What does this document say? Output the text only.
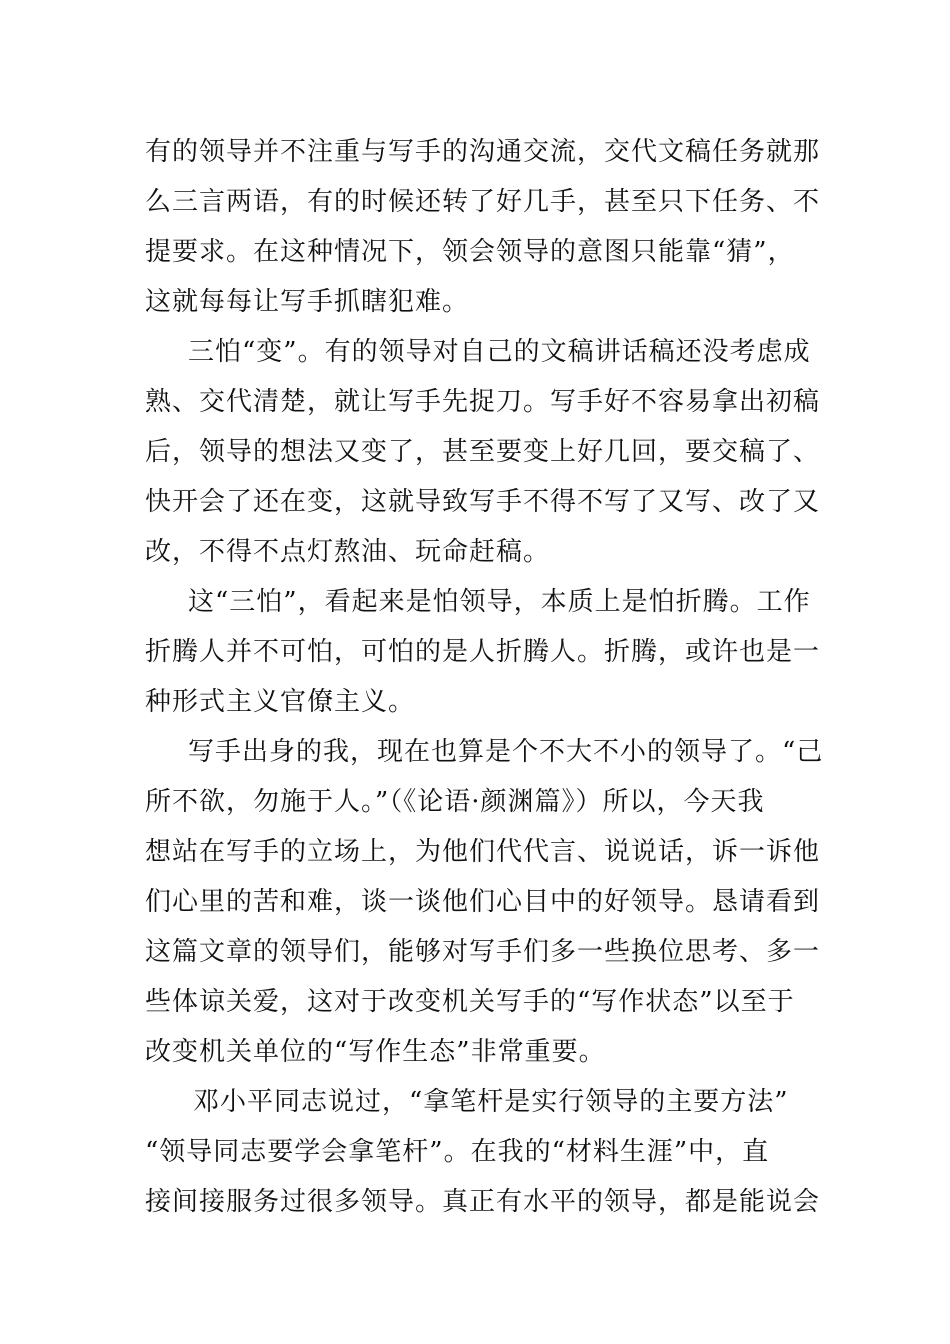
有的领导并不注重与写手的沟通交流，交代文稿任务就那
么三言两语，有的时候还转了好几手，甚至只下任务、不
提要求。在这种情况下，领会领导的意图只能靠“猜”，
这就每每让写手抓瞎犯难。
三怕“变”。有的领导对自己的文稿讲话稿还没考虑成
熟、交代清楚，就让写手先捉刀。写手好不容易拿出初稿
后，领导的想法又变了，甚至要变上好几回，要交稿了、
快开会了还在变，这就导致写手不得不写了又写、改了又
改，不得不点灯熬油、玩命赶稿。
这“三怕”，看起来是怕领导，本质上是怕折腾。工作
折腾人并不可怕，可怕的是人折腾人。折腾，或许也是一
种形式主义官僚主义。
写手出身的我，现在也算是个不大不小的领导了。“己
所不欲，勿施于人。”（《论语·颜渊篇》）所以，今天我
想站在写手的立场上，为他们代代言、说说话，诉一诉他
们心里的苦和难，谈一谈他们心目中的好领导。恳请看到
这篇文章的领导们，能够对写手们多一些换位思考、多一
些体谅关爱，这对于改变机关写手的“写作状态”以至于
改变机关单位的“写作生态”非常重要。
邓小平同志说过，“拿笔杆是实行领导的主要方法”
“领导同志要学会拿笔杆”。在我的“材料生涯”中，直
接间接服务过很多领导。真正有水平的领导，都是能说会
